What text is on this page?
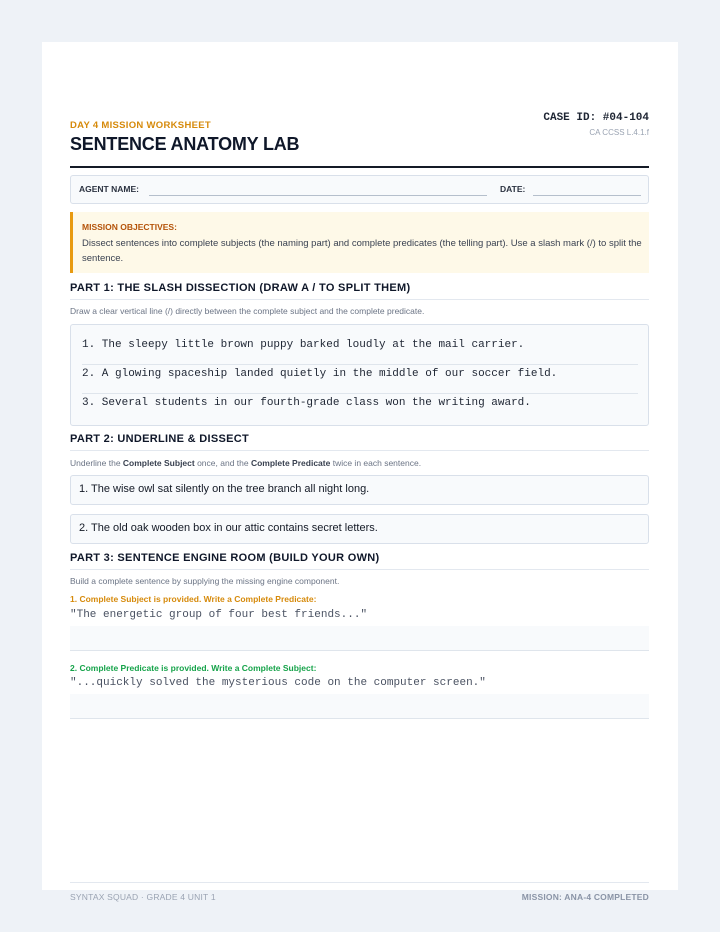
DAY 4 MISSION WORKSHEET
SENTENCE ANATOMY LAB
CASE ID: #04-104
CA CCSS L.4.1.f
AGENT NAME:	DATE:
MISSION OBJECTIVES:
Dissect sentences into complete subjects (the naming part) and complete predicates (the telling part). Use a slash mark (/) to split the sentence.
PART 1: THE SLASH DISSECTION (DRAW A / TO SPLIT THEM)
Draw a clear vertical line (/) directly between the complete subject and the complete predicate.
1. The sleepy little brown puppy barked loudly at the mail carrier.
2. A glowing spaceship landed quietly in the middle of our soccer field.
3. Several students in our fourth-grade class won the writing award.
PART 2: UNDERLINE & DISSECT
Underline the Complete Subject once, and the Complete Predicate twice in each sentence.
1. The wise owl sat silently on the tree branch all night long.
2. The old oak wooden box in our attic contains secret letters.
PART 3: SENTENCE ENGINE ROOM (BUILD YOUR OWN)
Build a complete sentence by supplying the missing engine component.
1. Complete Subject is provided. Write a Complete Predicate:
"The energetic group of four best friends..."
2. Complete Predicate is provided. Write a Complete Subject:
"...quickly solved the mysterious code on the computer screen."
SYNTAX SQUAD · GRADE 4 UNIT 1	MISSION: ANA-4 COMPLETED
